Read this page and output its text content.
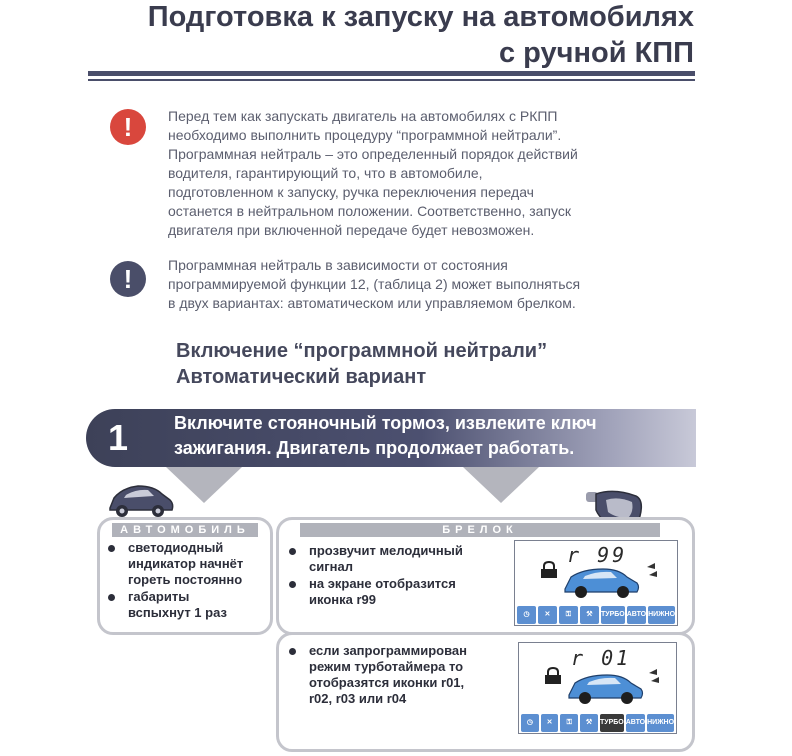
Подготовка к запуску на автомобилях
с ручной КПП
!	Перед тем как запускать двигатель на автомобилях с РКПП
необходимо выполнить процедуру “программной нейтрали”.
Программная нейтраль – это определенный порядок действий
водителя, гарантирующий то, что в автомобиле,
подготовленном к запуску, ручка переключения передач
останется в нейтральном положении. Соответственно, запуск
двигателя при включенной передаче будет невозможен.
!	Программная нейтраль в зависимости от состояния
программируемой функции 12, (таблица 2) может выполняться
в двух вариантах: автоматическом или управляемом брелком.
Включение “программной нейтрали”
Автоматический вариант
1	Включите стояночный тормоз, извлеките ключ
зажигания. Двигатель продолжает работать.
АВТОМОБИЛЬ
светодиодный
индикатор начнёт
гореть постоянно
габариты
вспыхнут 1 раз
БРЕЛОК
прозвучит мелодичный
сигнал
на экране отобразится
иконка r99
r 99
◷	✕	⚿	⚒	ТУРБО АВТО НИЖНО
если запрограммирован
режим турботаймера то
отобразятся иконки r01,
r02, r03 или r04
r 01
◷	✕	⚿	⚒	ТУРБО АВТО НИЖНО
